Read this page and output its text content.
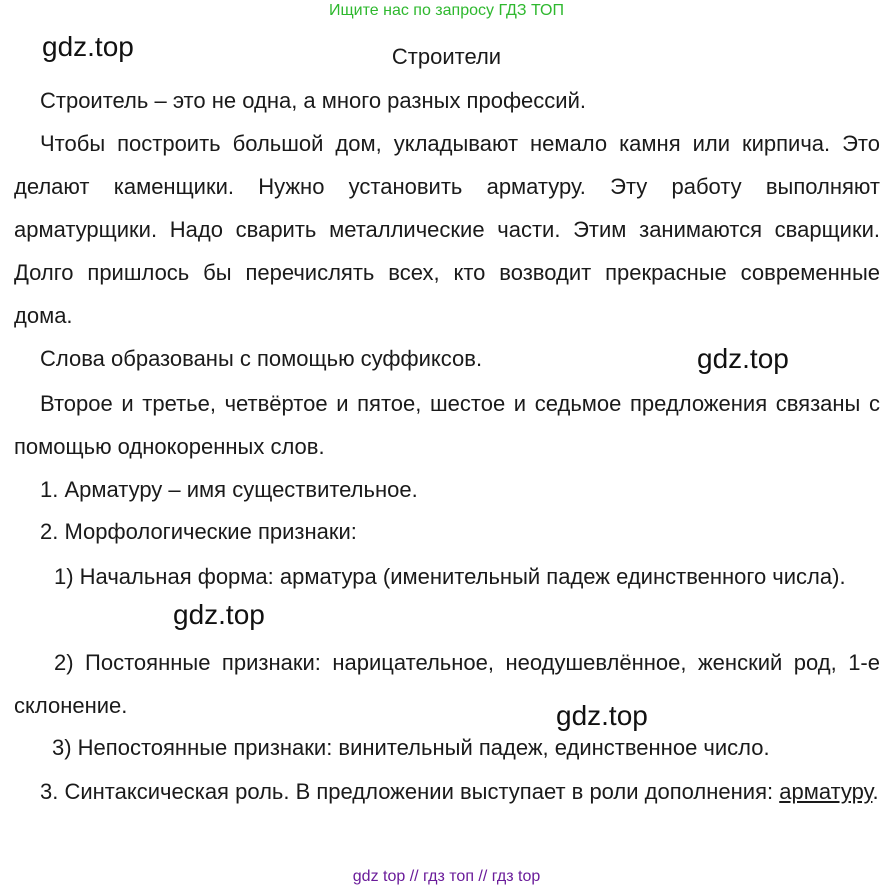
Ищите нас по запросу ГДЗ ТОП
gdz.top
gdz.top
gdz.top
gdz.top
Строители
Строитель – это не одна, а много разных профессий.
Чтобы построить большой дом, укладывают немало камня или кирпича. Это делают каменщики. Нужно установить арматуру. Эту работу выполняют арматурщики. Надо сварить металлические части. Этим занимаются сварщики. Долго пришлось бы перечислять всех, кто возводит прекрасные современные дома.
Слова образованы с помощью суффиксов.
Второе и третье, четвёртое и пятое, шестое и седьмое предложения связаны с помощью однокоренных слов.
1. Арматуру – имя существительное.
2. Морфологические признаки:
1) Начальная форма: арматура (именительный падеж единственного числа).
2) Постоянные признаки: нарицательное, неодушевлённое, женский род, 1-е склонение.
3) Непостоянные признаки: винительный падеж, единственное число.
3. Синтаксическая роль. В предложении выступает в роли дополнения: арматуру.
gdz top // гдз топ // гдз top
